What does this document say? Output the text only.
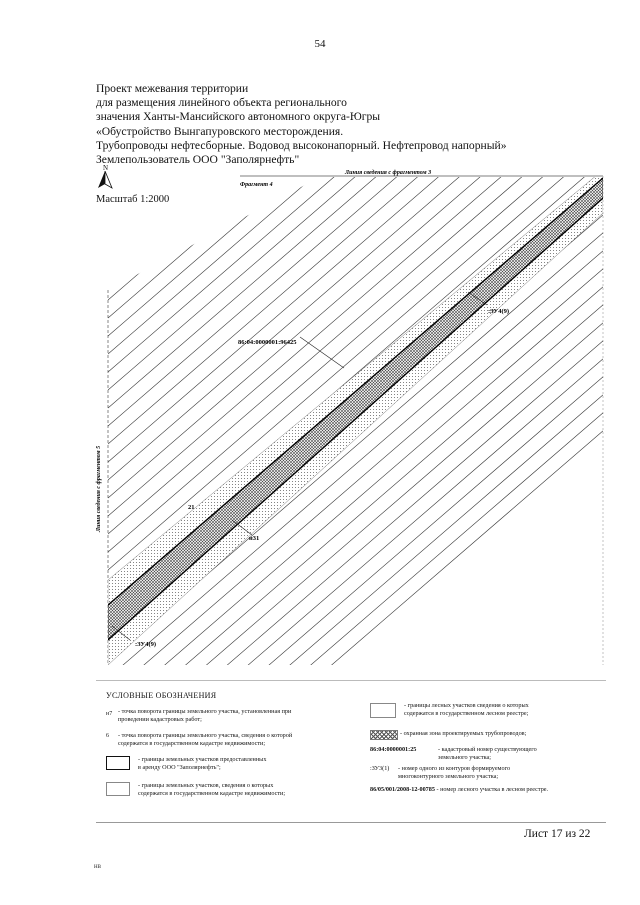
54
Проект межевания территории
для размещения линейного объекта регионального
значения Ханты-Мансийского автономного округа-Югры
«Обустройство Вынгапуровского месторождения.
Трубопроводы нефтесборные. Водовод высоконапорный. Нефтепровод напорный»
Землепользователь ООО "Заполярнефть"
N
Масштаб 1:2000
Линия сведения с фрагментом 3
Фрагмент 4
Линия сведения с фрагментом 5
:ЗУ4(9)
86:04:0000001:96425
н31
21
:ЗУ4(9)
УСЛОВНЫЕ ОБОЗНАЧЕНИЯ
н7 - точка поворота границы земельного участка, установленная при
проведении кадастровых работ;
6 - точка поворота границы земельного участка, сведения о которой
содержатся в государственном кадастре недвижимости;
- границы земельных участков предоставленных
в аренду ООО "Заполярнефть";
- границы земельных участков, сведения о которых
содержатся в государственном кадастре недвижимости;
- границы лесных участков сведения о которых
содержатся в государственном лесном реестре;
- охранная зона проектируемых трубопроводов;
86:04:0000001:25	- кадастровый номер существующего
земельного участка;
:ЗУ3(1) - номер одного из контуров формируемого
многоконтурного земельного участка;
86/05/001/2008-12-00785 - номер лесного участка в лесном реестре.
Лист 17 из 22
HB
